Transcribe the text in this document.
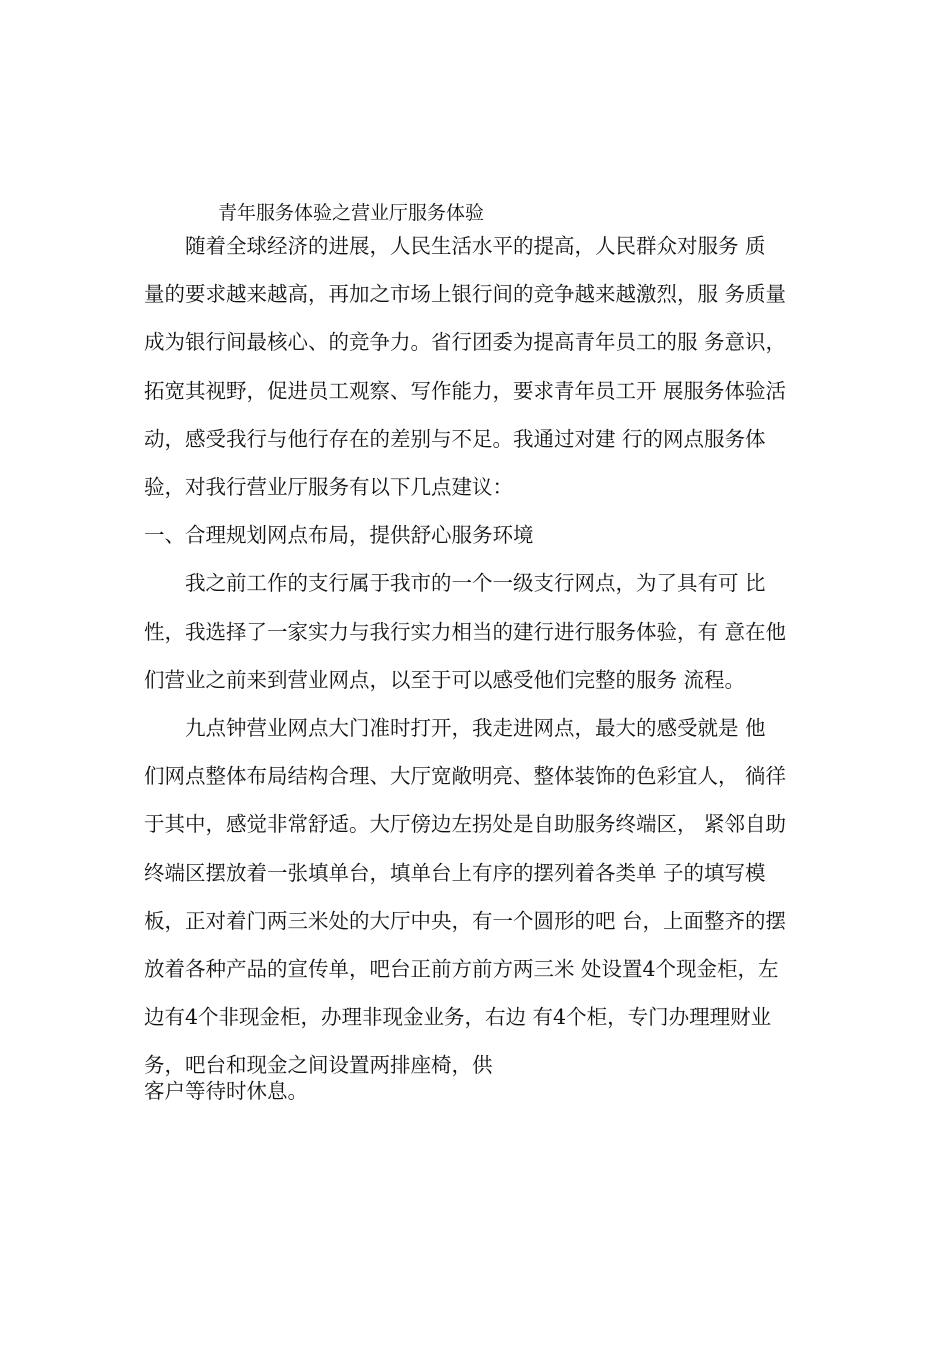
青年服务体验之营业厅服务体验

　　随着全球经济的进展，人民生活水平的提高，人民群众对服务 质
量的要求越来越高，再加之市场上银行间的竞争越来越激烈，服 务质量
成为银行间最核心、的竞争力。省行团委为提高青年员工的服 务意识，
拓宽其视野，促进员工观察、写作能力，要求青年员工开 展服务体验活
动，感受我行与他行存在的差别与不足。我通过对建 行的网点服务体
验，对我行营业厅服务有以下几点建议：

一、合理规划网点布局，提供舒心服务环境

　　我之前工作的支行属于我市的一个一级支行网点，为了具有可 比
性，我选择了一家实力与我行实力相当的建行进行服务体验，有 意在他
们营业之前来到营业网点，以至于可以感受他们完整的服务 流程。

　　九点钟营业网点大门准时打开，我走进网点，最大的感受就是 他
们网点整体布局结构合理、大厅宽敞明亮、整体装饰的色彩宜人， 徜徉
于其中，感觉非常舒适。大厅傍边左拐处是自助服务终端区， 紧邻自助
终端区摆放着一张填单台，填单台上有序的摆列着各类单 子的填写模
板，正对着门两三米处的大厅中央，有一个圆形的吧 台，上面整齐的摆
放着各种产品的宣传单，吧台正前方前方两三米 处设置4个现金柜，左
边有4个非现金柜，办理非现金业务，右边 有4个柜，专门办理理财业
务，吧台和现金之间设置两排座椅，供

客户等待时休息。
